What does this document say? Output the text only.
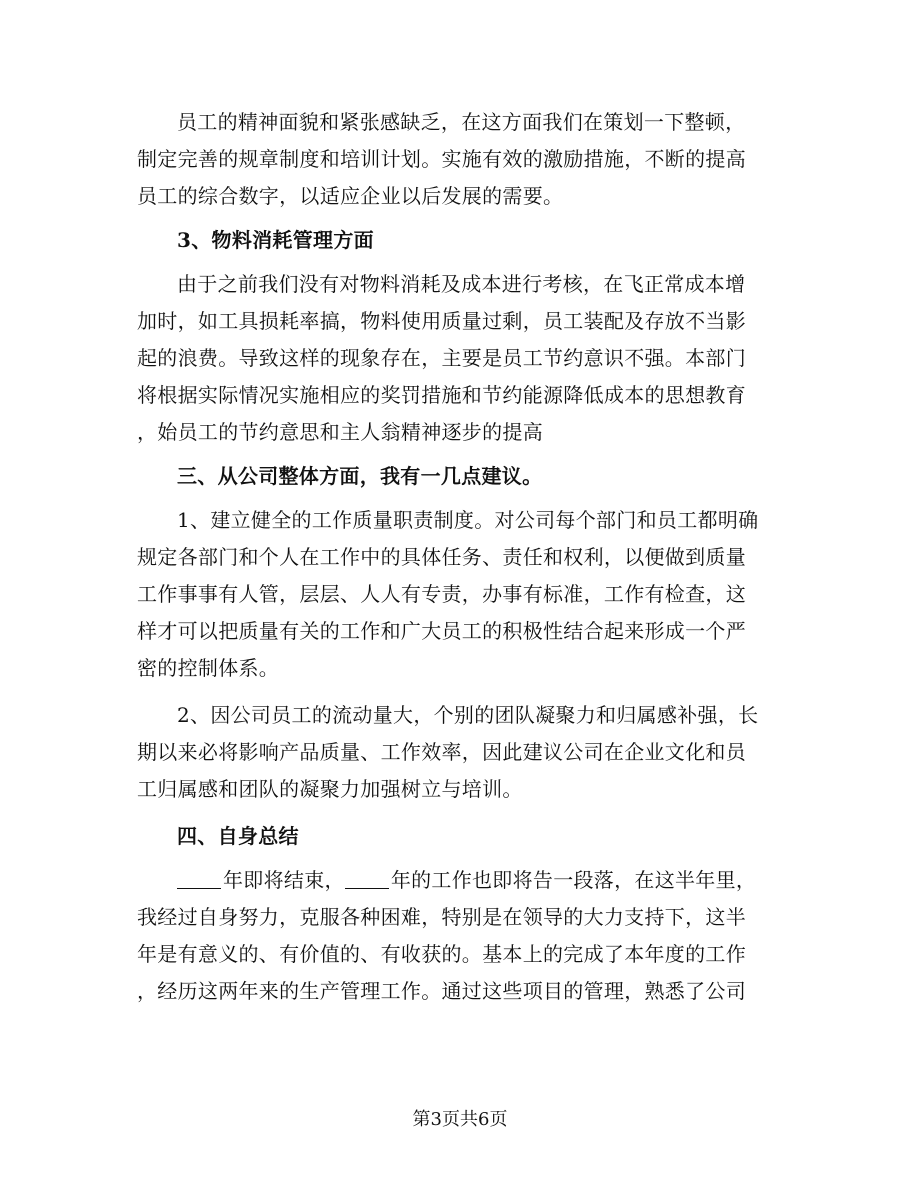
员工的精神面貌和紧张感缺乏，在这方面我们在策划一下整顿，
制定完善的规章制度和培训计划。实施有效的激励措施，不断的提高
员工的综合数字，以适应企业以后发展的需要。
3、物料消耗管理方面
由于之前我们没有对物料消耗及成本进行考核，在飞正常成本增
加时，如工具损耗率搞，物料使用质量过剩，员工装配及存放不当影
起的浪费。导致这样的现象存在，主要是员工节约意识不强。本部门
将根据实际情况实施相应的奖罚措施和节约能源降低成本的思想教育
，始员工的节约意思和主人翁精神逐步的提高
三、从公司整体方面，我有一几点建议。
1、建立健全的工作质量职责制度。对公司每个部门和员工都明确
规定各部门和个人在工作中的具体任务、责任和权利，以便做到质量
工作事事有人管，层层、人人有专责，办事有标准，工作有检查，这
样才可以把质量有关的工作和广大员工的积极性结合起来形成一个严
密的控制体系。
2、因公司员工的流动量大，个别的团队凝聚力和归属感补强，长
期以来必将影响产品质量、工作效率，因此建议公司在企业文化和员
工归属感和团队的凝聚力加强树立与培训。
四、自身总结
年即将结束， 年的工作也即将告一段落，在这半年里，
我经过自身努力，克服各种困难，特别是在领导的大力支持下，这半
年是有意义的、有价值的、有收获的。基本上的完成了本年度的工作
，经历这两年来的生产管理工作。通过这些项目的管理，熟悉了公司
第3页共6页
